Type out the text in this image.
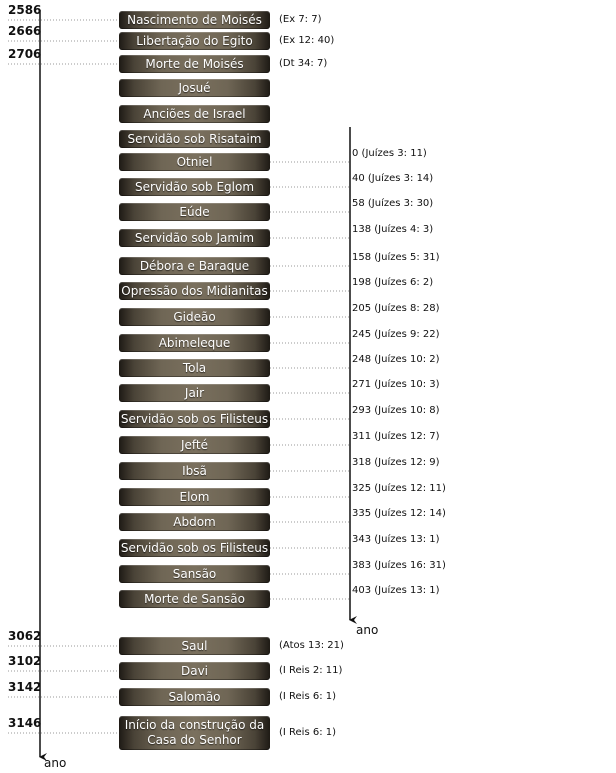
Nascimento de Moisés
2586
(Ex 7: 7)
Libertação do Egito
2666
(Ex 12: 40)
Morte de Moisés
2706
(Dt 34: 7)
Josué
Anciões de Israel
Servidão sob Risataim
Otniel
0 (Juízes 3: 11)
Servidão sob Eglom
40 (Juízes 3: 14)
Eúde
58 (Juízes 3: 30)
Servidão sob Jamim
138 (Juízes 4: 3)
Débora e Baraque
158 (Juízes 5: 31)
Opressão dos Midianitas
198 (Juízes 6: 2)
Gideão
205 (Juízes 8: 28)
Abimeleque
245 (Juízes 9: 22)
Tola
248 (Juízes 10: 2)
Jair
271 (Juízes 10: 3)
Servidão sob os Filisteus
293 (Juízes 10: 8)
Jefté
311 (Juízes 12: 7)
Ibsã
318 (Juízes 12: 9)
Elom
325 (Juízes 12: 11)
Abdom
335 (Juízes 12: 14)
Servidão sob os Filisteus
343 (Juízes 13: 1)
Sansão
383 (Juízes 16: 31)
Morte de Sansão
403 (Juízes 13: 1)
Saul
3062
(Atos 13: 21)
Davi
3102
(I Reis 2: 11)
Salomão
3142
(I Reis 6: 1)
Início da construção da Casa do Senhor
3146
(I Reis 6: 1)
ano
ano
